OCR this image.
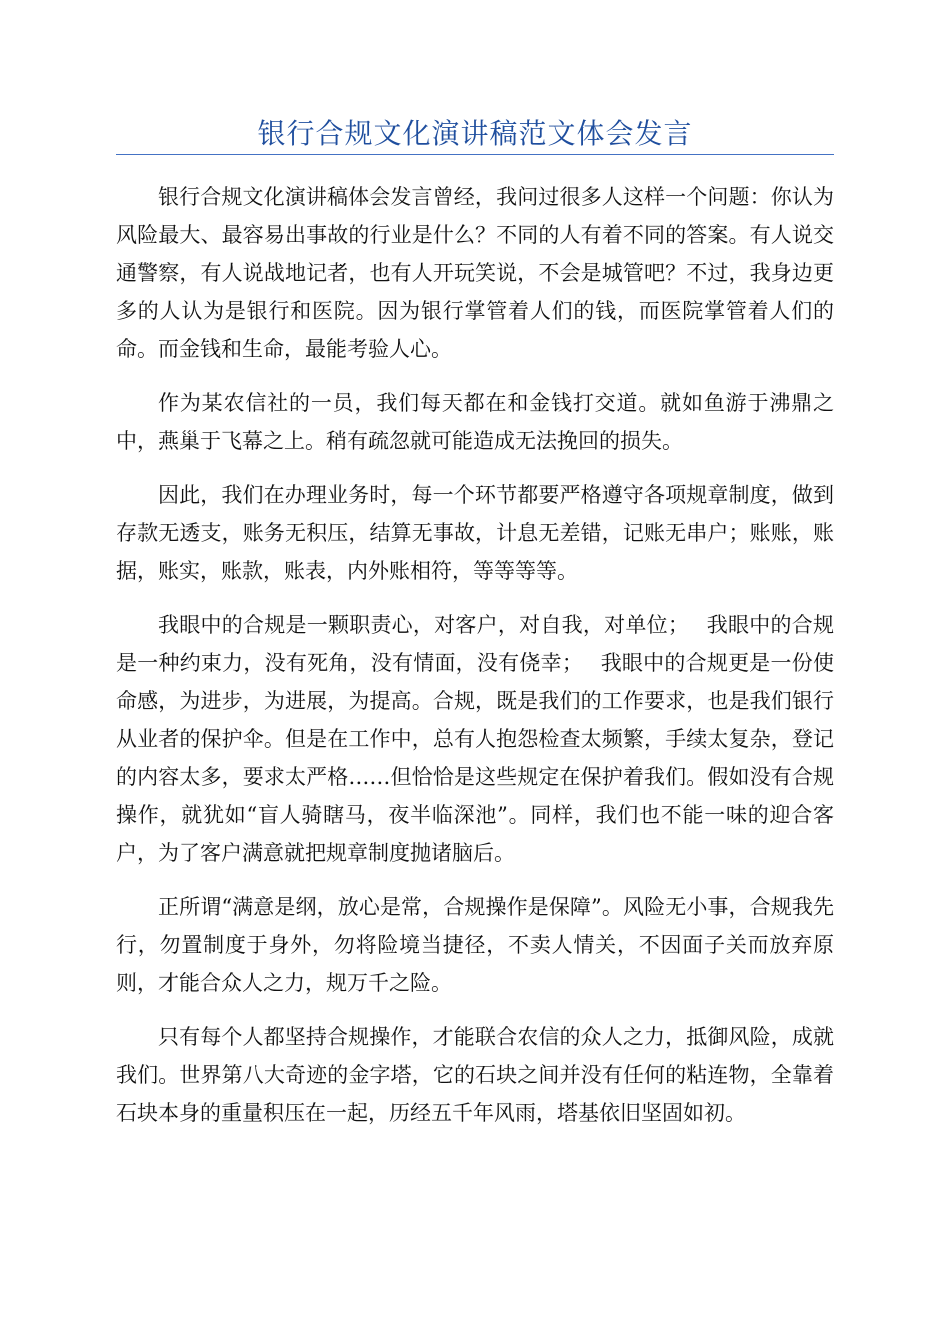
银行合规文化演讲稿范文体会发言

银行合规文化演讲稿体会发言曾经，我问过很多人这样一个问题：你认为风险最大、最容易出事故的行业是什么？不同的人有着不同的答案。有人说交通警察，有人说战地记者，也有人开玩笑说，不会是城管吧？不过，我身边更多的人认为是银行和医院。因为银行掌管着人们的钱，而医院掌管着人们的命。而金钱和生命，最能考验人心。

作为某农信社的一员，我们每天都在和金钱打交道。就如鱼游于沸鼎之中，燕巢于飞幕之上。稍有疏忽就可能造成无法挽回的损失。

因此，我们在办理业务时，每一个环节都要严格遵守各项规章制度，做到存款无透支，账务无积压，结算无事故，计息无差错，记账无串户；账账，账据，账实，账款，账表，内外账相符，等等等等。

我眼中的合规是一颗职责心，对客户，对自我，对单位；　 我眼中的合规是一种约束力，没有死角，没有情面，没有侥幸；　 我眼中的合规更是一份使命感，为进步，为进展，为提高。合规，既是我们的工作要求，也是我们银行从业者的保护伞。但是在工作中，总有人抱怨检查太频繁，手续太复杂，登记的内容太多，要求太严格……但恰恰是这些规定在保护着我们。假如没有合规操作，就犹如“盲人骑瞎马，夜半临深池”。同样，我们也不能一味的迎合客户，为了客户满意就把规章制度抛诸脑后。

正所谓“满意是纲，放心是常，合规操作是保障”。风险无小事，合规我先行，勿置制度于身外，勿将险境当捷径，不卖人情关，不因面子关而放弃原则，才能合众人之力，规万千之险。

只有每个人都坚持合规操作，才能联合农信的众人之力，抵御风险，成就我们。世界第八大奇迹的金字塔，它的石块之间并没有任何的粘连物，全靠着石块本身的重量积压在一起，历经五千年风雨，塔基依旧坚固如初。
